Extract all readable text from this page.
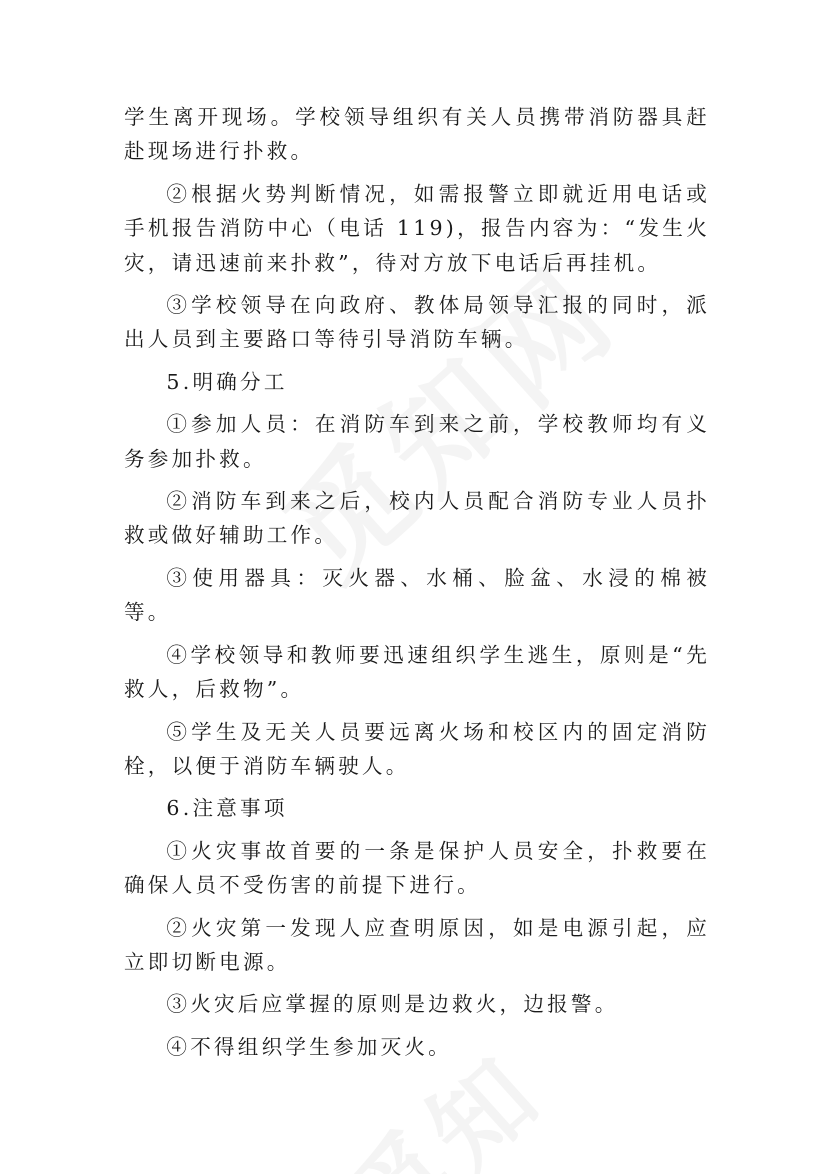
学生离开现场。学校领导组织有关人员携带消防器具赶赴现场进行扑救。

②根据火势判断情况，如需报警立即就近用电话或手机报告消防中心（电话 119)，报告内容为：“发生火灾，请迅速前来扑救”，待对方放下电话后再挂机。

③学校领导在向政府、教体局领导汇报的同时，派出人员到主要路口等待引导消防车辆。

5.明确分工

①参加人员：在消防车到来之前，学校教师均有义务参加扑救。

②消防车到来之后，校内人员配合消防专业人员扑救或做好辅助工作。

③使用器具：灭火器、水桶、脸盆、水浸的棉被等。

④学校领导和教师要迅速组织学生逃生，原则是“先救人，后救物”。

⑤学生及无关人员要远离火场和校区内的固定消防栓，以便于消防车辆驶人。

6.注意事项

①火灾事故首要的一条是保护人员安全，扑救要在确保人员不受伤害的前提下进行。

②火灾第一发现人应查明原因，如是电源引起，应立即切断电源。

③火灾后应掌握的原则是边救火，边报警。

④不得组织学生参加灭火。
